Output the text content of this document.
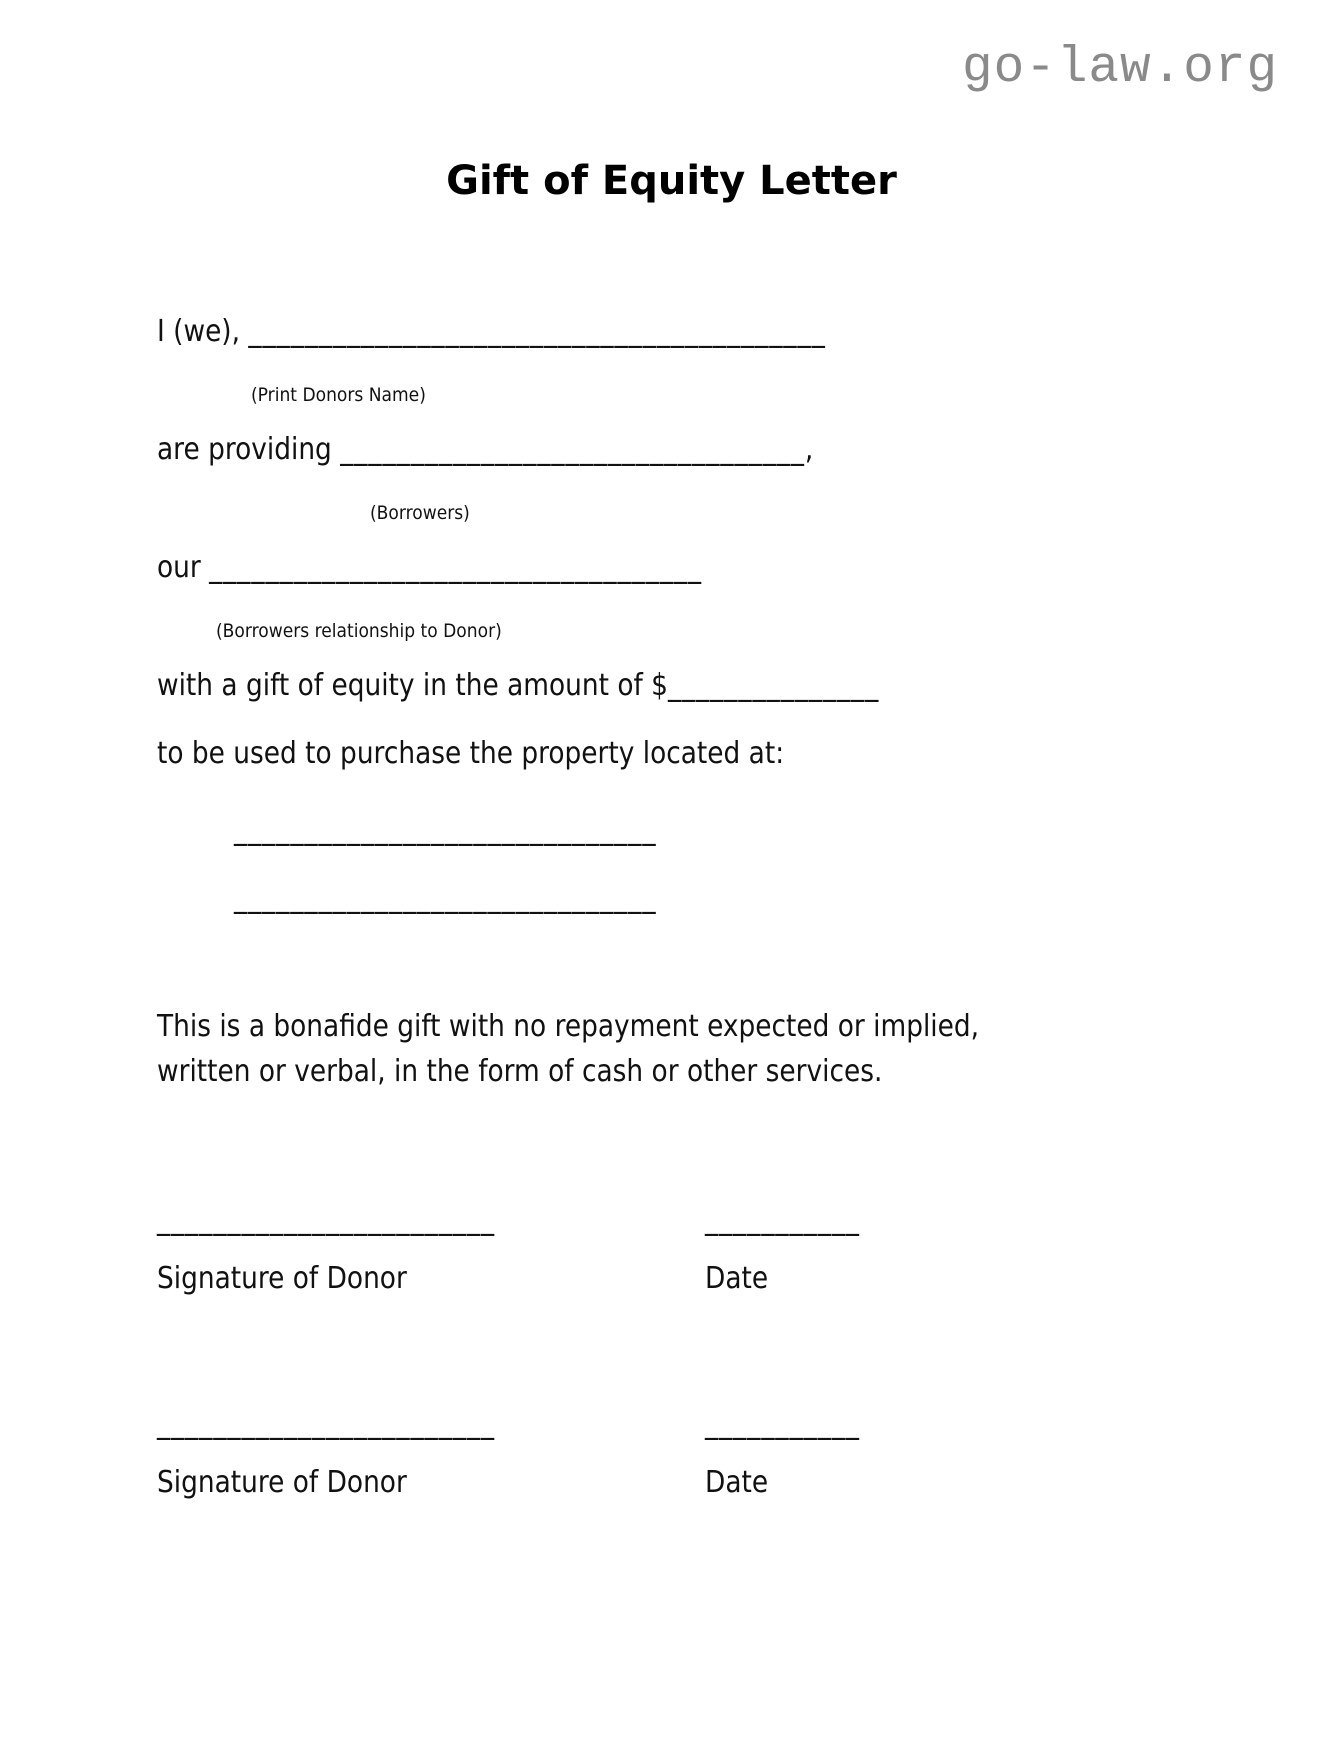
go-law.org
Gift of Equity Letter
I (we), _________________________________________
(Print Donors Name)
are providing _________________________________,
(Borrowers)
our ___________________________________
(Borrowers relationship to Donor)
with a gift of equity in the amount of $_______________
to be used to purchase the property located at:
______________________________
______________________________
This is a bonafide gift with no repayment expected or implied,
written or verbal, in the form of cash or other services.
________________________	___________
Signature of Donor	Date
________________________	___________
Signature of Donor	Date
